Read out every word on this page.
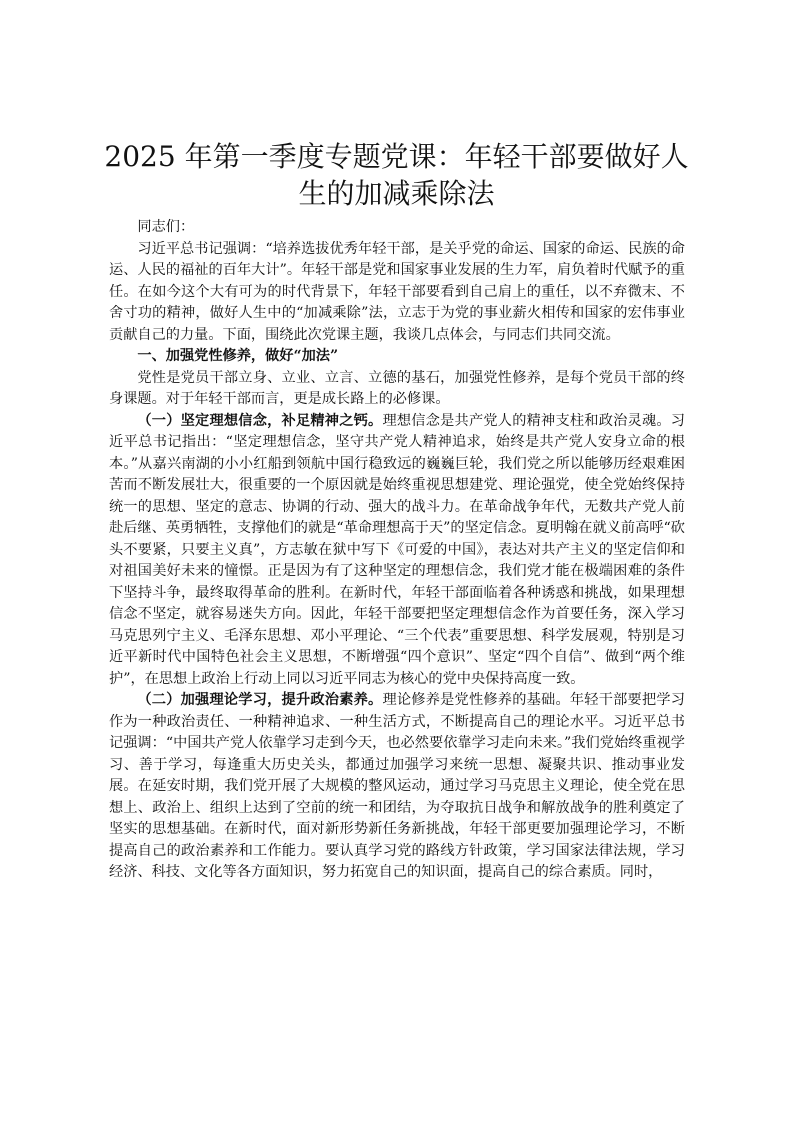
2025 年第一季度专题党课：年轻干部要做好人生的加减乘除法

同志们：

习近平总书记强调：“培养选拔优秀年轻干部，是关乎党的命运、国家的命运、民族的命运、人民的福祉的百年大计”。年轻干部是党和国家事业发展的生力军，肩负着时代赋予的重任。在如今这个大有可为的时代背景下，年轻干部要看到自己肩上的重任，以不弃微末、不舍寸功的精神，做好人生中的“加减乘除”法，立志于为党的事业薪火相传和国家的宏伟事业贡献自己的力量。下面，围绕此次党课主题，我谈几点体会，与同志们共同交流。

一、加强党性修养，做好“加法”

党性是党员干部立身、立业、立言、立德的基石，加强党性修养，是每个党员干部的终身课题。对于年轻干部而言，更是成长路上的必修课。

（一）坚定理想信念，补足精神之钙。理想信念是共产党人的精神支柱和政治灵魂。习近平总书记指出：“坚定理想信念，坚守共产党人精神追求，始终是共产党人安身立命的根本。”从嘉兴南湖的小小红船到领航中国行稳致远的巍巍巨轮，我们党之所以能够历经艰难困苦而不断发展壮大，很重要的一个原因就是始终重视思想建党、理论强党，使全党始终保持统一的思想、坚定的意志、协调的行动、强大的战斗力。在革命战争年代，无数共产党人前赴后继、英勇牺牲，支撑他们的就是“革命理想高于天”的坚定信念。夏明翰在就义前高呼“砍头不要紧，只要主义真”，方志敏在狱中写下《可爱的中国》，表达对共产主义的坚定信仰和对祖国美好未来的憧憬。正是因为有了这种坚定的理想信念，我们党才能在极端困难的条件下坚持斗争，最终取得革命的胜利。在新时代，年轻干部面临着各种诱惑和挑战，如果理想信念不坚定，就容易迷失方向。因此，年轻干部要把坚定理想信念作为首要任务，深入学习马克思列宁主义、毛泽东思想、邓小平理论、“三个代表”重要思想、科学发展观，特别是习近平新时代中国特色社会主义思想，不断增强“四个意识”、坚定“四个自信”、做到“两个维护”，在思想上政治上行动上同以习近平同志为核心的党中央保持高度一致。

（二）加强理论学习，提升政治素养。理论修养是党性修养的基础。年轻干部要把学习作为一种政治责任、一种精神追求、一种生活方式，不断提高自己的理论水平。习近平总书记强调：“中国共产党人依靠学习走到今天，也必然要依靠学习走向未来。”我们党始终重视学习、善于学习，每逢重大历史关头，都通过加强学习来统一思想、凝聚共识、推动事业发展。在延安时期，我们党开展了大规模的整风运动，通过学习马克思主义理论，使全党在思想上、政治上、组织上达到了空前的统一和团结，为夺取抗日战争和解放战争的胜利奠定了坚实的思想基础。在新时代，面对新形势新任务新挑战，年轻干部更要加强理论学习，不断提高自己的政治素养和工作能力。要认真学习党的路线方针政策，学习国家法律法规，学习经济、科技、文化等各方面知识，努力拓宽自己的知识面，提高自己的综合素质。同时，
